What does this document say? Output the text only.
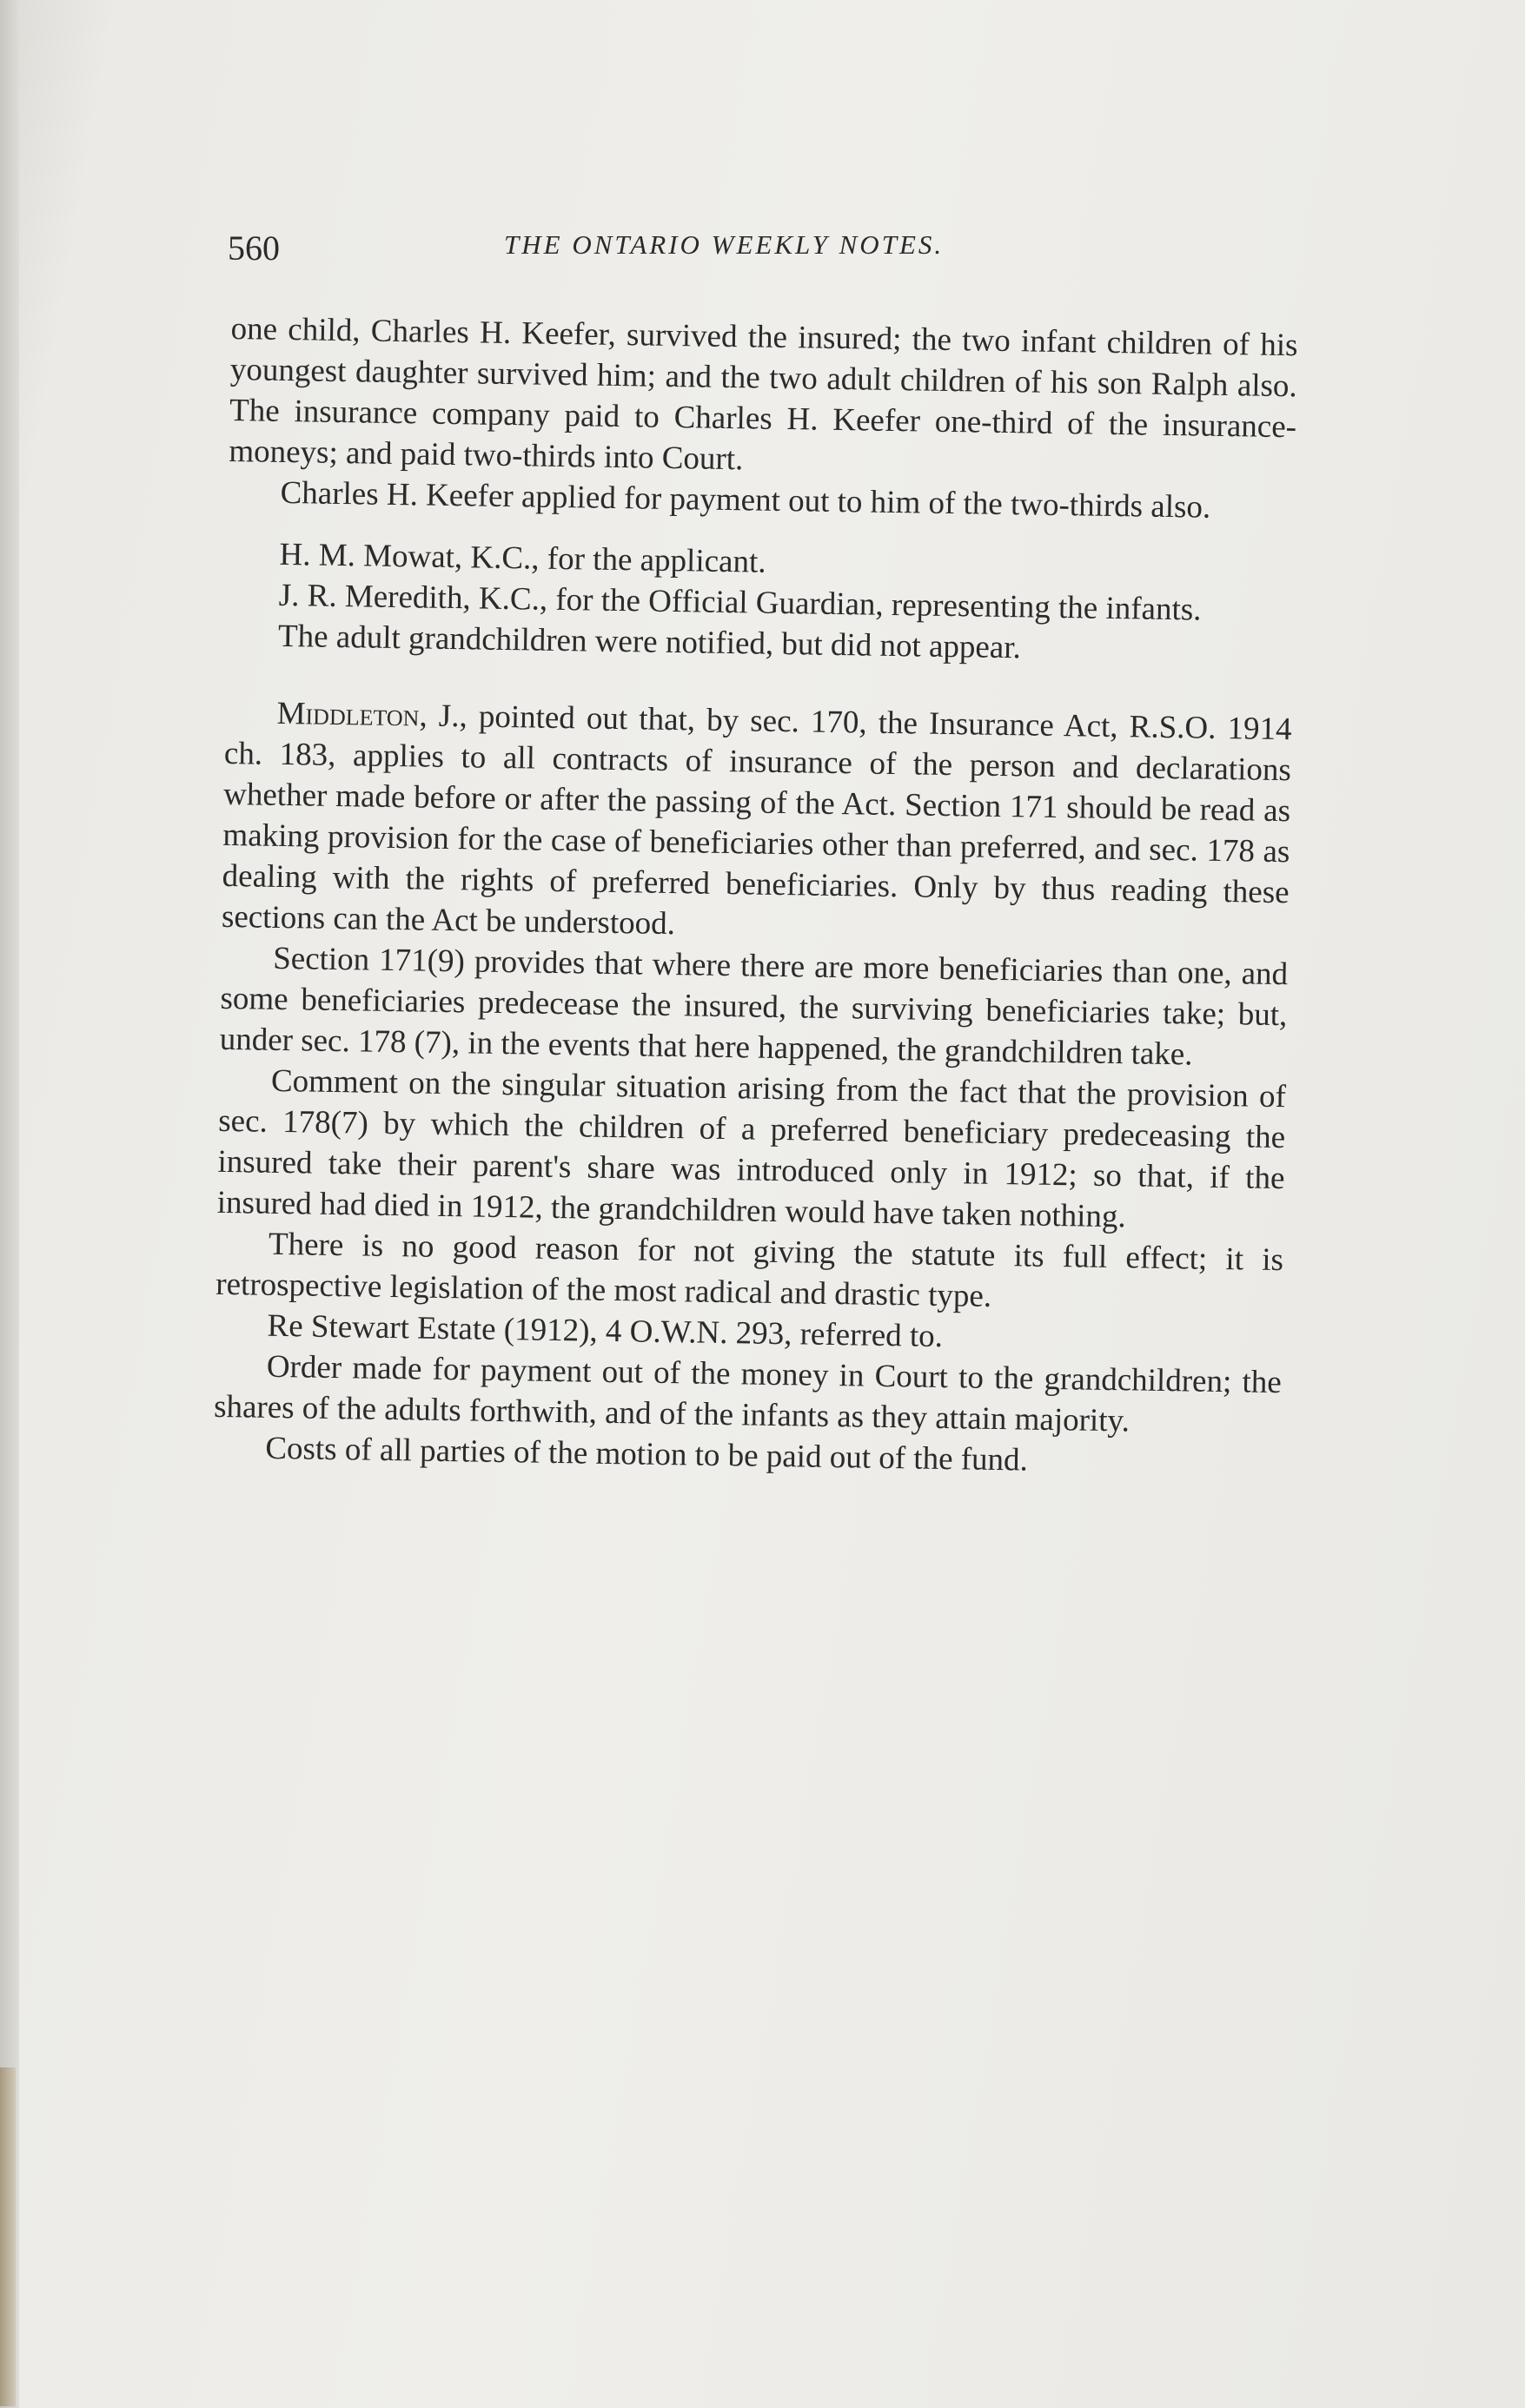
560	THE ONTARIO WEEKLY NOTES.

one child, Charles H. Keefer, survived the insured; the two infant children of his youngest daughter survived him; and the two adult children of his son Ralph also. The insurance company paid to Charles H. Keefer one-third of the insurance-moneys; and paid two-thirds into Court.

Charles H. Keefer applied for payment out to him of the two-thirds also.

H. M. Mowat, K.C., for the applicant.

J. R. Meredith, K.C., for the Official Guardian, representing the infants.

The adult grandchildren were notified, but did not appear.

Middleton, J., pointed out that, by sec. 170, the Insurance Act, R.S.O. 1914 ch. 183, applies to all contracts of insurance of the person and declarations whether made before or after the passing of the Act. Section 171 should be read as making provision for the case of beneficiaries other than preferred, and sec. 178 as dealing with the rights of preferred beneficiaries. Only by thus reading these sections can the Act be understood.

Section 171(9) provides that where there are more beneficiaries than one, and some beneficiaries predecease the insured, the surviving beneficiaries take; but, under sec. 178 (7), in the events that here happened, the grandchildren take.

Comment on the singular situation arising from the fact that the provision of sec. 178(7) by which the children of a preferred beneficiary predeceasing the insured take their parent's share was introduced only in 1912; so that, if the insured had died in 1912, the grandchildren would have taken nothing.

There is no good reason for not giving the statute its full effect; it is retrospective legislation of the most radical and drastic type.

Re Stewart Estate (1912), 4 O.W.N. 293, referred to.

Order made for payment out of the money in Court to the grandchildren; the shares of the adults forthwith, and of the infants as they attain majority.

Costs of all parties of the motion to be paid out of the fund.
